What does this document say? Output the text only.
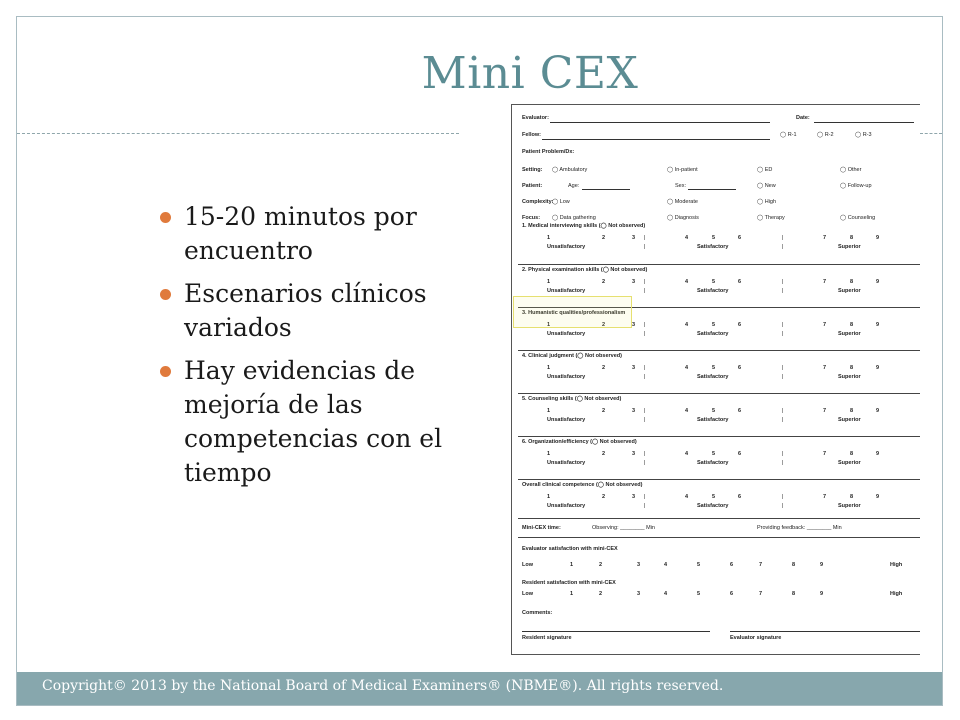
Mini CEX
15-20 minutos por encuentro
Escenarios clínicos variados
Hay evidencias de mejoría de las competencias con el tiempo
Evaluator:	Date:
Fellow:	◯ R-1	◯ R-2	◯ R-3
Patient Problem/Dx:
Setting: ◯ Ambulatory	◯ In-patient	◯ ED	◯ Other
Patient:	Age:	Sex:	◯ New	◯ Follow-up
Complexity:
◯ Low	◯ Moderate	◯ High
Focus: ◯ Data gathering	◯ Diagnosis	◯ Therapy	◯ Counseling
1. Medical interviewing skills (◯ Not observed)
1	2	3	4	5	6	7	8	9
|	|
|	|
Unsatisfactory	Satisfactory	Superior
2. Physical examination skills (◯ Not observed)
1	2	3	4	5	6	7	8	9
|	|
|	|
Unsatisfactory	Satisfactory	Superior
3. Humanistic qualities/professionalism
1	2	3	4	5	6	7	8	9
|	|
|	|
Unsatisfactory	Satisfactory	Superior
4. Clinical judgment (◯ Not observed)
1	2	3	4	5	6	7	8	9
|	|
|	|
Unsatisfactory	Satisfactory	Superior
5. Counseling skills (◯ Not observed)
1	2	3	4	5	6	7	8	9
|	|
|	|
Unsatisfactory	Satisfactory	Superior
6. Organization/efficiency (◯ Not observed)
1	2	3	4	5	6	7	8	9
|	|
|	|
Unsatisfactory	Satisfactory	Superior
Overall clinical competence (◯ Not observed)
1	2	3	4	5	6	7	8	9
|	|
|	|
Unsatisfactory	Satisfactory	Superior
Mini-CEX time:	Observing: ________ Min	Providing feedback: ________ Min
Evaluator satisfaction with mini-CEX
Low	1	2	3	4	5	6	7	8	9	High
Resident satisfaction with mini-CEX
Low	1	2	3	4	5	6	7	8	9	High
Comments:
Resident signature	Evaluator signature
Copyright© 2013 by the National Board of Medical Examiners® (NBME®). All rights reserved.
